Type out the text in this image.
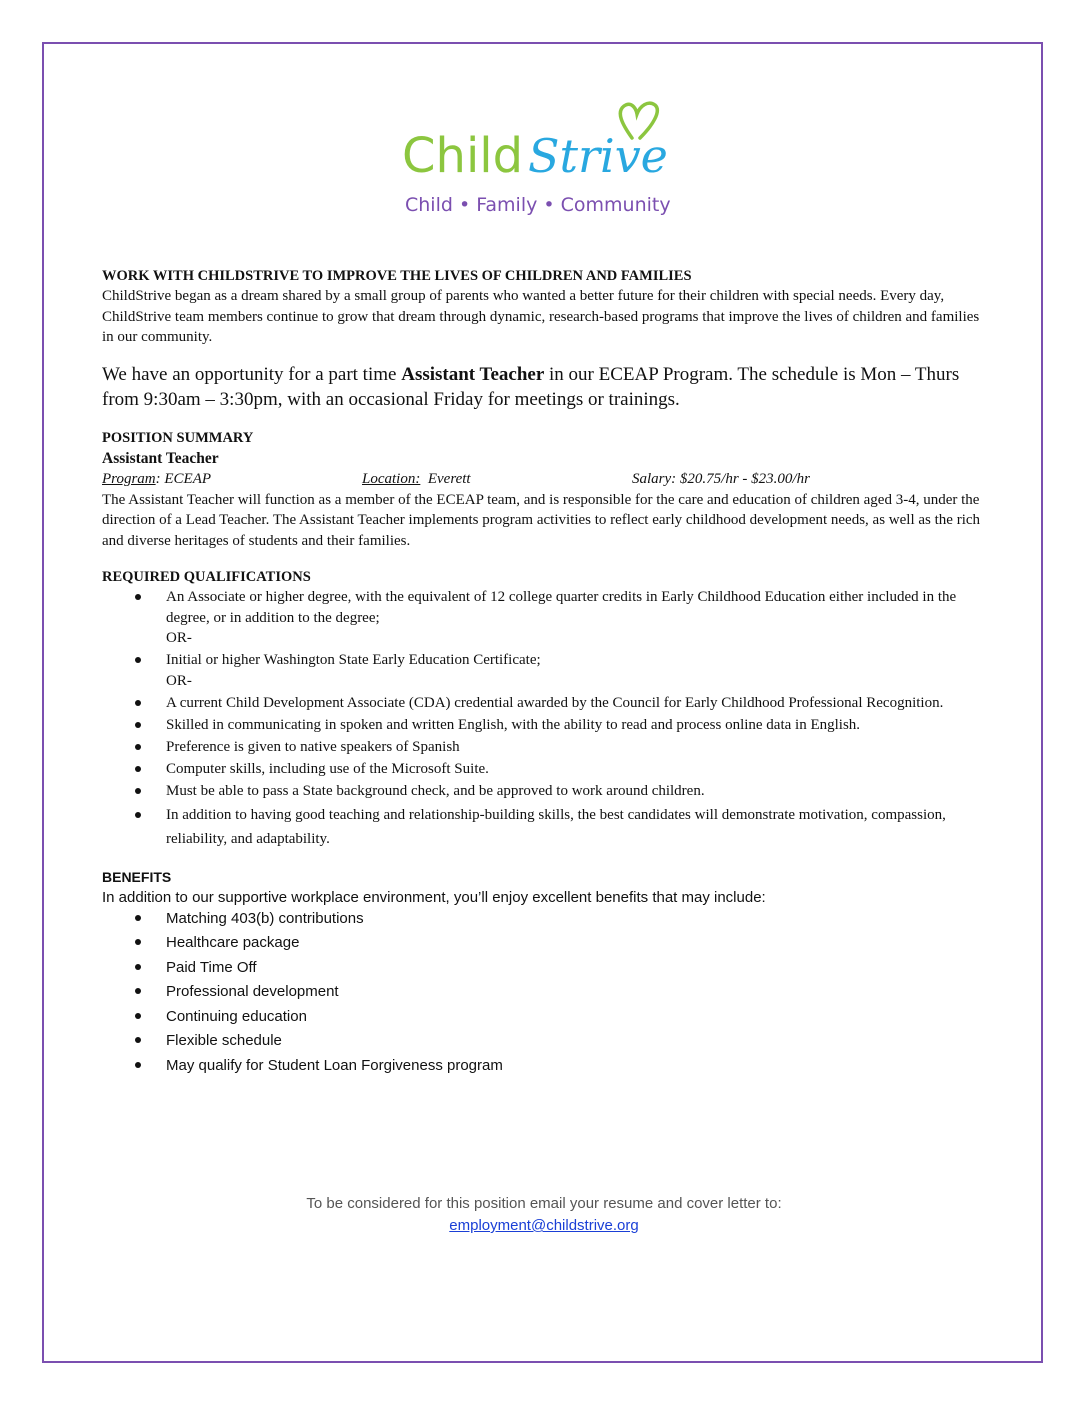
Child Strive
Child • Family • Community

WORK WITH CHILDSTRIVE TO IMPROVE THE LIVES OF CHILDREN AND FAMILIES

ChildStrive began as a dream shared by a small group of parents who wanted a better future for their children with special needs. Every day, ChildStrive team members continue to grow that dream through dynamic, research-based programs that improve the lives of children and families in our community.

We have an opportunity for a part time Assistant Teacher in our ECEAP Program. The schedule is Mon – Thurs from 9:30am – 3:30pm, with an occasional Friday for meetings or trainings.

POSITION SUMMARY

Assistant Teacher

Program: ECEAP	Location:  Everett	Salary: $20.75/hr - $23.00/hr

The Assistant Teacher will function as a member of the ECEAP team, and is responsible for the care and education of children aged 3-4, under the direction of a Lead Teacher. The Assistant Teacher implements program activities to reflect early childhood development needs, as well as the rich and diverse heritages of students and their families.

REQUIRED QUALIFICATIONS

An Associate or higher degree, with the equivalent of 12 college quarter credits in Early Childhood Education either included in the degree, or in addition to the degree;
OR-
Initial or higher Washington State Early Education Certificate;
OR-
A current Child Development Associate (CDA) credential awarded by the Council for Early Childhood Professional Recognition.
Skilled in communicating in spoken and written English, with the ability to read and process online data in English.
Preference is given to native speakers of Spanish
Computer skills, including use of the Microsoft Suite.
Must be able to pass a State background check, and be approved to work around children.
In addition to having good teaching and relationship-building skills, the best candidates will demonstrate motivation, compassion, reliability, and adaptability.

BENEFITS

In addition to our supportive workplace environment, you’ll enjoy excellent benefits that may include:

Matching 403(b) contributions
Healthcare package
Paid Time Off
Professional development
Continuing education
Flexible schedule
May qualify for Student Loan Forgiveness program
To be considered for this position email your resume and cover letter to:
employment@childstrive.org
